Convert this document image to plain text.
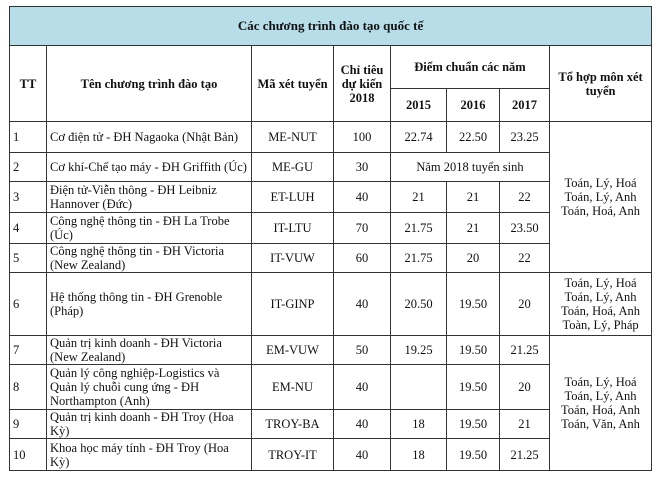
Các chương trình đào tạo quốc tế							
TT	Tên chương trình đào tạo	Mã xét tuyển	Chỉ tiêu dự kiến 2018	Điểm chuẩn các năm			Tổ hợp môn xét tuyển
				2015	2016	2017	
1	Cơ điện tử - ĐH Nagaoka (Nhật Bản)	ME-NUT	100	22.74	22.50	23.25	Toán, Lý, Hoá
Toán, Lý, Anh
Toán, Hoá, Anh

2	Cơ khí-Chế tạo máy - ĐH Griffith (Úc)	ME-GU	30	Năm 2018 tuyển sinh			
3	Điện tử-Viễn thông - ĐH Leibniz Hannover (Đức)	ET-LUH	40	21	21	22	
4	Công nghệ thông tin - ĐH La Trobe (Úc)	IT-LTU	70	21.75	21	23.50	
5	Công nghệ thông tin - ĐH Victoria (New Zealand)	IT-VUW	60	21.75	20	22	
6	Hệ thống thông tin - ĐH Grenoble (Pháp)	IT-GINP	40	20.50	19.50	20	Toán, Lý, Hoá
Toán, Lý, Anh
Toán, Hoá, Anh
Toàn, Lý, Pháp

7	Quản trị kinh doanh - ĐH Victoria (New Zealand)	EM-VUW	50	19.25	19.50	21.25	Toán, Lý, Hoá
Toán, Lý, Anh
Toán, Hoá, Anh
Toán, Văn, Anh

8	Quản lý công nghiệp-Logistics và Quản lý chuỗi cung ứng - ĐH Northampton (Anh)	EM-NU	40		19.50	20	
9	Quản trị kinh doanh - ĐH Troy (Hoa Kỳ)	TROY-BA	40	18	19.50	21	
10	Khoa học máy tính - ĐH Troy (Hoa Kỳ)	TROY-IT	40	18	19.50	21.25	
